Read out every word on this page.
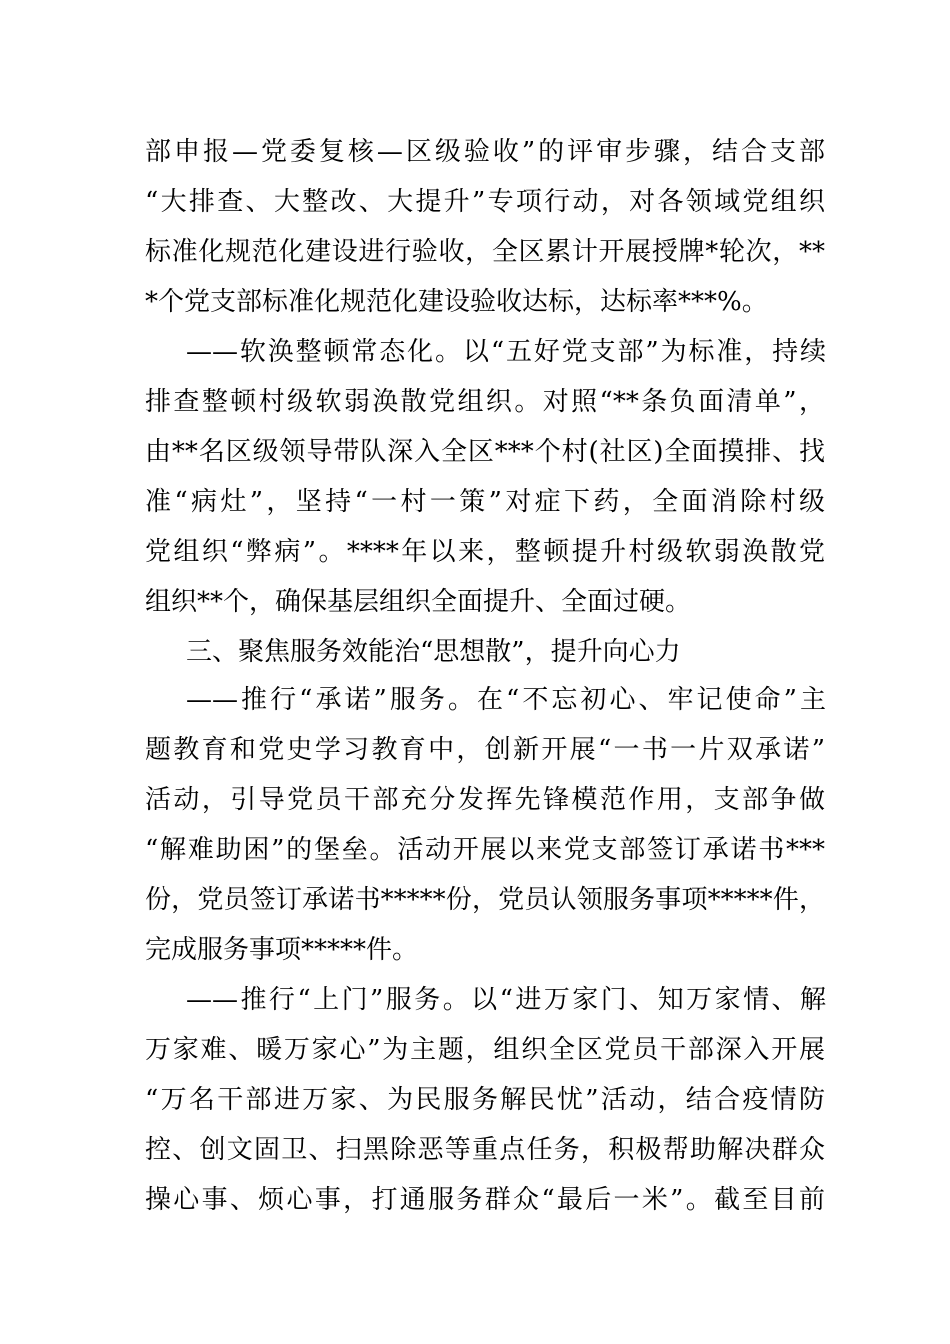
部申报—党委复核—区级验收”的评审步骤，结合支部
“大排查、大整改、大提升”专项行动，对各领域党组织
标准化规范化建设进行验收，全区累计开展授牌*轮次，**
*个党支部标准化规范化建设验收达标，达标率***%。
——软涣整顿常态化。以“五好党支部”为标准，持续
排查整顿村级软弱涣散党组织。对照“**条负面清单”，
由**名区级领导带队深入全区***个村(社区)全面摸排、找
准“病灶”，坚持“一村一策”对症下药，全面消除村级
党组织“弊病”。****年以来，整顿提升村级软弱涣散党
组织**个，确保基层组织全面提升、全面过硬。
三、聚焦服务效能治“思想散”，提升向心力
——推行“承诺”服务。在“不忘初心、牢记使命”主
题教育和党史学习教育中，创新开展“一书一片双承诺”
活动，引导党员干部充分发挥先锋模范作用，支部争做
“解难助困”的堡垒。活动开展以来党支部签订承诺书***
份，党员签订承诺书*****份，党员认领服务事项*****件，
完成服务事项*****件。
——推行“上门”服务。以“进万家门、知万家情、解
万家难、暖万家心”为主题，组织全区党员干部深入开展
“万名干部进万家、为民服务解民忧”活动，结合疫情防
控、创文固卫、扫黑除恶等重点任务，积极帮助解决群众
操心事、烦心事，打通服务群众“最后一米”。截至目前
